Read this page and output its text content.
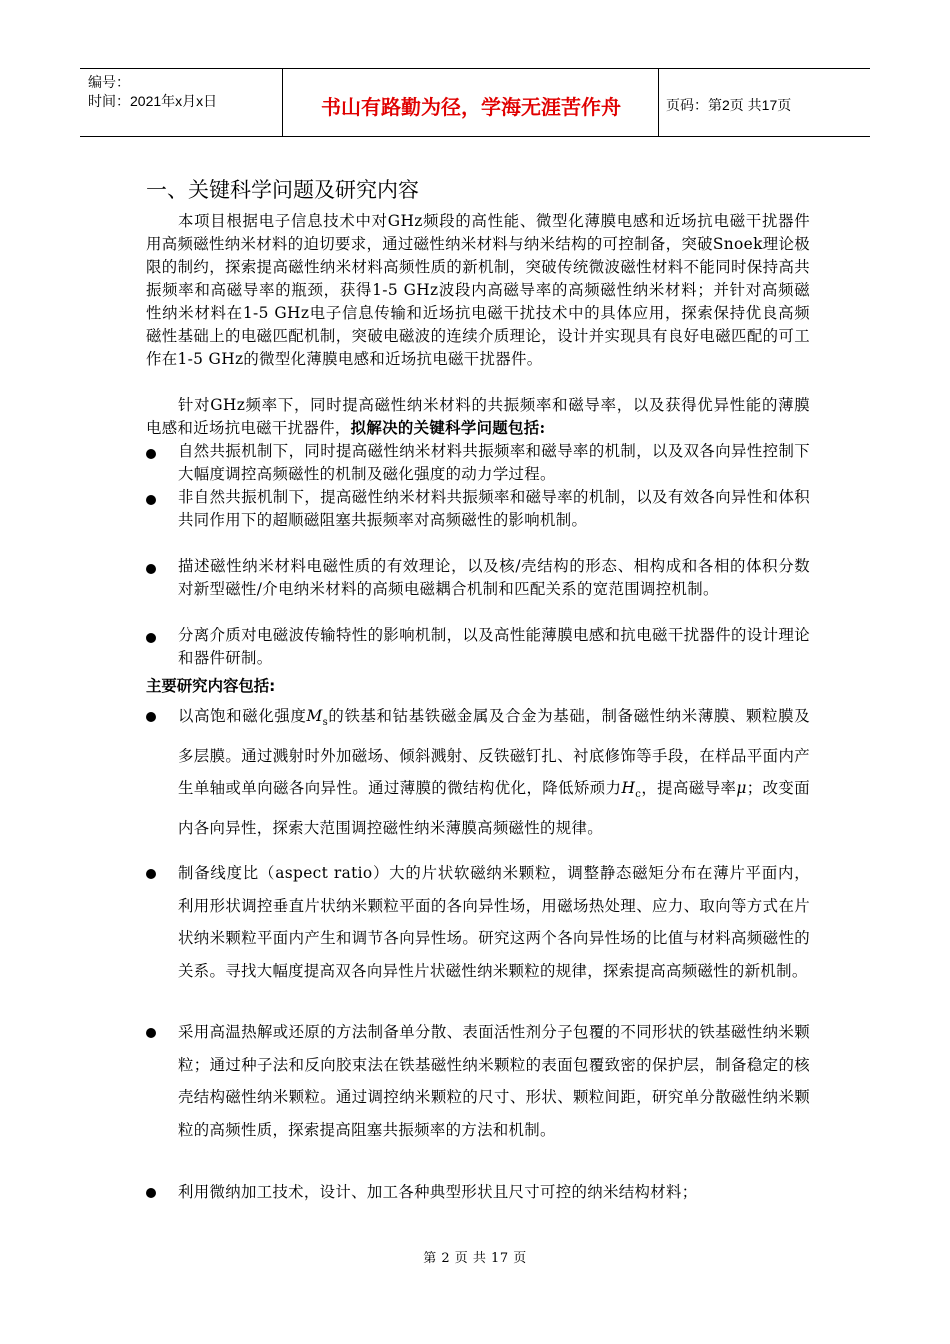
编号：
时间：2021年x月x日	书山有路勤为径，学海无涯苦作舟	页码：第2页 共17页
一、关键科学问题及研究内容
本项目根据电子信息技术中对GHz频段的高性能、微型化薄膜电感和近场抗电磁干扰器件用高频磁性纳米材料的迫切要求，通过磁性纳米材料与纳米结构的可控制备，突破Snoek理论极限的制约，探索提高磁性纳米材料高频性质的新机制，突破传统微波磁性材料不能同时保持高共振频率和高磁导率的瓶颈，获得1-5 GHz波段内高磁导率的高频磁性纳米材料；并针对高频磁性纳米材料在1-5 GHz电子信息传输和近场抗电磁干扰技术中的具体应用，探索保持优良高频磁性基础上的电磁匹配机制，突破电磁波的连续介质理论，设计并实现具有良好电磁匹配的可工作在1-5 GHz的微型化薄膜电感和近场抗电磁干扰器件。
针对GHz频率下，同时提高磁性纳米材料的共振频率和磁导率，以及获得优异性能的薄膜电感和近场抗电磁干扰器件，拟解决的关键科学问题包括:
自然共振机制下，同时提高磁性纳米材料共振频率和磁导率的机制，以及双各向异性控制下大幅度调控高频磁性的机制及磁化强度的动力学过程。
非自然共振机制下，提高磁性纳米材料共振频率和磁导率的机制，以及有效各向异性和体积共同作用下的超顺磁阻塞共振频率对高频磁性的影响机制。
描述磁性纳米材料电磁性质的有效理论，以及核/壳结构的形态、相构成和各相的体积分数对新型磁性/介电纳米材料的高频电磁耦合机制和匹配关系的宽范围调控机制。
分离介质对电磁波传输特性的影响机制，以及高性能薄膜电感和抗电磁干扰器件的设计理论和器件研制。
主要研究内容包括:
以高饱和磁化强度$M_s$的铁基和钴基铁磁金属及合金为基础，制备磁性纳米薄膜、颗粒膜及多层膜。通过溅射时外加磁场、倾斜溅射、反铁磁钉扎、衬底修饰等手段，在样品平面内产生单轴或单向磁各向异性。通过薄膜的微结构优化，降低矫顽力$H_c$，提高磁导率μ；改变面内各向异性，探索大范围调控磁性纳米薄膜高频磁性的规律。
制备线度比（aspect ratio）大的片状软磁纳米颗粒，调整静态磁矩分布在薄片平面内，利用形状调控垂直片状纳米颗粒平面的各向异性场，用磁场热处理、应力、取向等方式在片状纳米颗粒平面内产生和调节各向异性场。研究这两个各向异性场的比值与材料高频磁性的关系。寻找大幅度提高双各向异性片状磁性纳米颗粒的规律，探索提高高频磁性的新机制。
采用高温热解或还原的方法制备单分散、表面活性剂分子包覆的不同形状的铁基磁性纳米颗粒；通过种子法和反向胶束法在铁基磁性纳米颗粒的表面包覆致密的保护层，制备稳定的核壳结构磁性纳米颗粒。通过调控纳米颗粒的尺寸、形状、颗粒间距，研究单分散磁性纳米颗粒的高频性质，探索提高阻塞共振频率的方法和机制。
利用微纳加工技术，设计、加工各种典型形状且尺寸可控的纳米结构材料；
第 2 页 共 17 页
